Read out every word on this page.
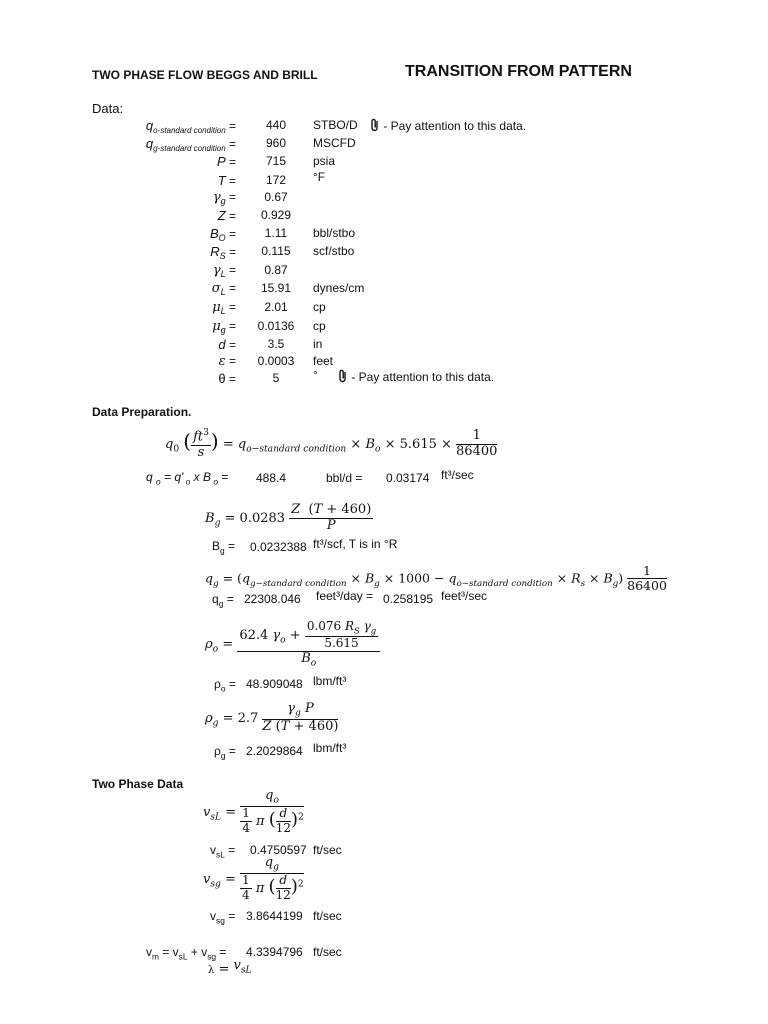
TWO PHASE FLOW BEGGS AND BRILL	TRANSITION FROM PATTERN
Data:
$q_{o-standard condition}$ =	440	STBO/D
$q_{g-standard condition}$ =	960	MSCFD
P =	715	psia
T =	172	°F
$\gamma_g$ =	0.67
Z =	0.929
$B_O$ =	1.11	bbl/stbo
$R_S$ =	0.115	scf/stbo
$\gamma_L$ =	0.87
$\sigma_L$ =	15.91	dynes/cm
$\mu_L$ =	2.01	cp
$\mu_g$ =	0.0136	cp
d =	3.5	in
ε =	0.0003	feet
θ =	5	°
- Pay attention to this data.
- Pay attention to this data.
Data Preparation.
$q_0$ ( $\frac{ft^3}{s}$ ) = $q_{o-standard condition} \times B_o \times 5.615 \times \frac{1}{86400}$
q $_o$ = q' $_o$ x B $_o$ =	488.4	bbl/d = 0.03174 ft³/sec
$B_g = 0.0283 \frac{Z (T + 460)}{P}$
$B_g = 0.0232388$ ft³/scf, T is in °R
$q_g = (q_{g-standard condition} \times B_g \times 1000 - q_{o-standard condition} \times R_s \times B_g) \frac{1}{86400}$
$q_g = 22308.046$ feet³/day = 0.258195 feet³/sec
$\rho_o = \frac{62.4 \gamma_o + \frac{0.076 R_S \gamma_g}{5.615}}{B_o}$
$\rho_o = 48.909048$ lbm/ft³
$\rho_g = 2.7 \frac{\gamma_g P}{Z (T + 460)}$
$\rho_g = 2.2029864$ lbm/ft³
Two Phase Data
$v_{sL} = \frac{q_o}{\frac{1}{4} \pi ( \frac{d}{12} )^2}$
$v_{sL} = 0.4750597$ ft/sec
$v_{sg} = \frac{q_g}{\frac{1}{4} \pi ( \frac{d}{12} )^2}$
$v_{sg} = 3.8644199$ ft/sec
$v_m = v_{sL} + v_{sg} = 4.3394796$ ft/sec
$\lambda = v_{sL}$
